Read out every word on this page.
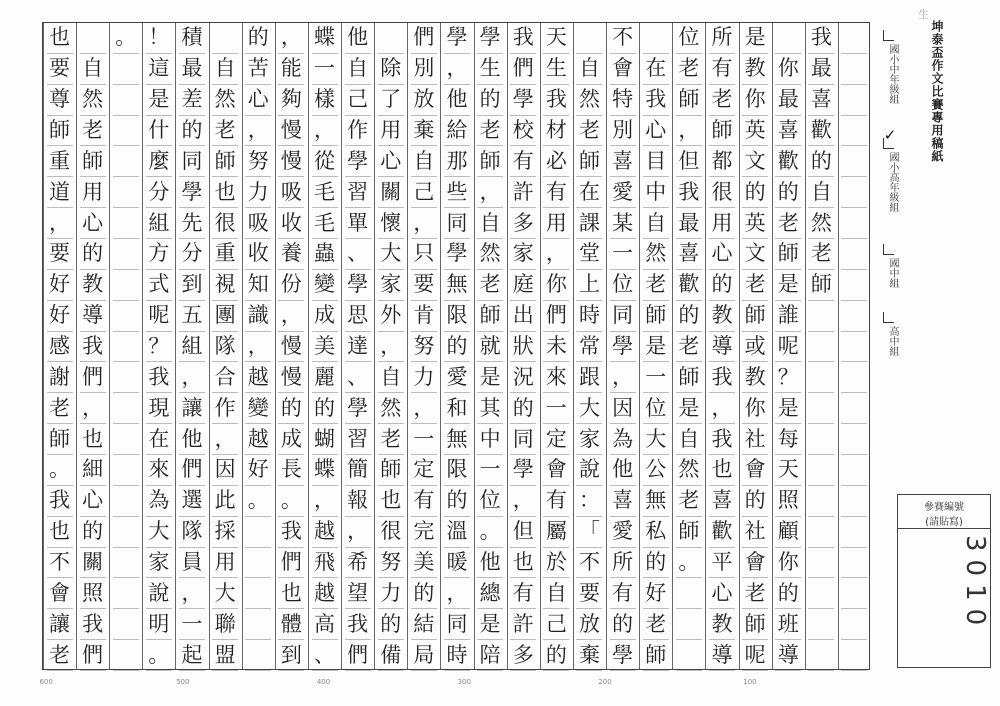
我
最
喜
歡
的
自
然
老
師

你
最
喜
歡
的
老
師
是
誰
呢
？
是
每
天
照
顧
你
的
班
導
是
教
你
英
文
的
英
文
老
師
或
教
你
社
會
的
社
會
老
師
呢
所
有
老
師
都
很
用
心
的
教
導
我
，
我
也
喜
歡
平
心
教
導
位
老
師
，
但
我
最
喜
歡
的
老
師
是
自
然
老
師
。

在
我
心
目
中
自
然
老
師
是
一
位
大
公
無
私
的
好
老
師
不
會
特
別
喜
愛
某
一
位
同
學
，
因
為
他
喜
愛
所
有
的
學

自
然
老
師
在
課
堂
上
時
常
跟
大
家
說
：
「
不
要
放
棄
天
生
我
材
必
有
用
，
你
們
未
來
一
定
會
有
屬
於
自
己
的
我
們
學
校
有
許
多
家
庭
出
狀
況
的
同
學
，
但
也
有
許
多
學
生
的
老
師
，
自
然
老
師
就
是
其
中
一
位
。
他
總
是
陪
學
，
他
給
那
些
同
學
無
限
的
愛
和
無
限
的
溫
暖
，
同
時
們
別
放
棄
自
己
，
只
要
肯
努
力
，
一
定
有
完
美
的
結
局

除
了
用
心
關
懷
大
家
外
，
自
然
老
師
也
很
努
力
的
備
他
自
己
作
學
習
單
、
學
思
達
、
學
習
簡
報
，
希
望
我
們
蝶
一
樣
，
從
毛
毛
蟲
變
成
美
麗
的
蝴
蝶
，
越
飛
越
高
、
，
能
夠
慢
慢
吸
收
養
份
，
慢
慢
的
成
長
。
我
們
也
體
到
的
苦
心
，
努
力
吸
收
知
識
，
越
變
越
好
。

自
然
老
師
也
很
重
視
團
隊
合
作
，
因
此
採
用
大
聯
盟
積
最
差
的
同
學
先
分
到
五
組
，
讓
他
們
選
隊
員
，
一
起
！
這
是
什
麼
分
組
方
式
呢
？
我
現
在
來
為
大
家
說
明
。
。

自
然
老
師
用
心
的
教
導
我
們
，
也
細
心
的
關
照
我
們
也
要
尊
師
重
道
，
要
好
好
感
謝
老
師
。
我
也
不
會
讓
老
600	500	400	300	200	100
坤泰盃作文比賽專用稿紙
國小中年級組
✓
國小高年級組
國中組
高中組
生
參賽編號
(請貼寫)
3010
